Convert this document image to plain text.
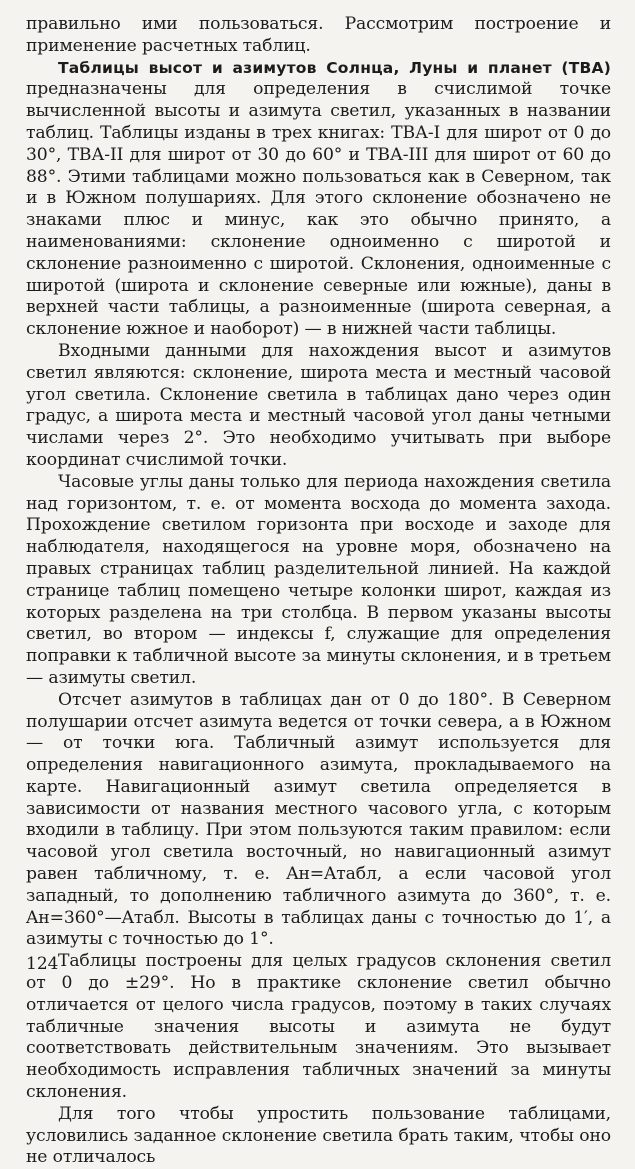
правильно ими пользоваться. Рассмотрим построение и применение расчетных таблиц.

Таблицы высот и азимутов Солнца, Луны и планет (ТВА) предназначены для определения в счислимой точке вычисленной высоты и азимута светил, указанных в названии таблиц. Таблицы изданы в трех книгах: ТВА-I для широт от 0 до 30°, ТВА-II для широт от 30 до 60° и ТВА-III для широт от 60 до 88°. Этими таблицами можно пользоваться как в Северном, так и в Южном полушариях. Для этого склонение обозначено не знаками плюс и минус, как это обычно принято, а наименованиями: склонение одноименно с широтой и склонение разноименно с широтой. Склонения, одноименные с широтой (широта и склонение северные или южные), даны в верхней части таблицы, а разноименные (широта северная, а склонение южное и наоборот) — в нижней части таблицы.

Входными данными для нахождения высот и азимутов светил являются: склонение, широта места и местный часовой угол светила. Склонение светила в таблицах дано через один градус, а широта места и местный часовой угол даны четными числами через 2°. Это необходимо учитывать при выборе координат счислимой точки.

Часовые углы даны только для периода нахождения светила над горизонтом, т. е. от момента восхода до момента захода. Прохождение светилом горизонта при восходе и заходе для наблюдателя, находящегося на уровне моря, обозначено на правых страницах таблиц разделительной линией. На каждой странице таблиц помещено четыре колонки широт, каждая из которых разделена на три столбца. В первом указаны высоты светил, во втором — индексы f, служащие для определения поправки к табличной высоте за минуты склонения, и в третьем — азимуты светил.

Отсчет азимутов в таблицах дан от 0 до 180°. В Северном полушарии отсчет азимута ведется от точки севера, а в Южном — от точки юга. Табличный азимут используется для определения навигационного азимута, прокладываемого на карте. Навигационный азимут светила определяется в зависимости от названия местного часового угла, с которым входили в таблицу. При этом пользуются таким правилом: если часовой угол светила восточный, но навигационный азимут равен табличному, т. е. Aн=Aтабл, а если часовой угол западный, то дополнению табличного азимута до 360°, т. е. Aн=360°—Aтабл. Высоты в таблицах даны с точностью до 1′, а азимуты с точностью до 1°.

Таблицы построены для целых градусов склонения светил от 0 до ±29°. Но в практике склонение светил обычно отличается от целого числа градусов, поэтому в таких случаях табличные значения высоты и азимута не будут соответствовать действительным значениям. Это вызывает необходимость исправления табличных значений за минуты склонения.

Для того чтобы упростить пользование таблицами, условились заданное склонение светила брать таким, чтобы оно не отличалось

124
